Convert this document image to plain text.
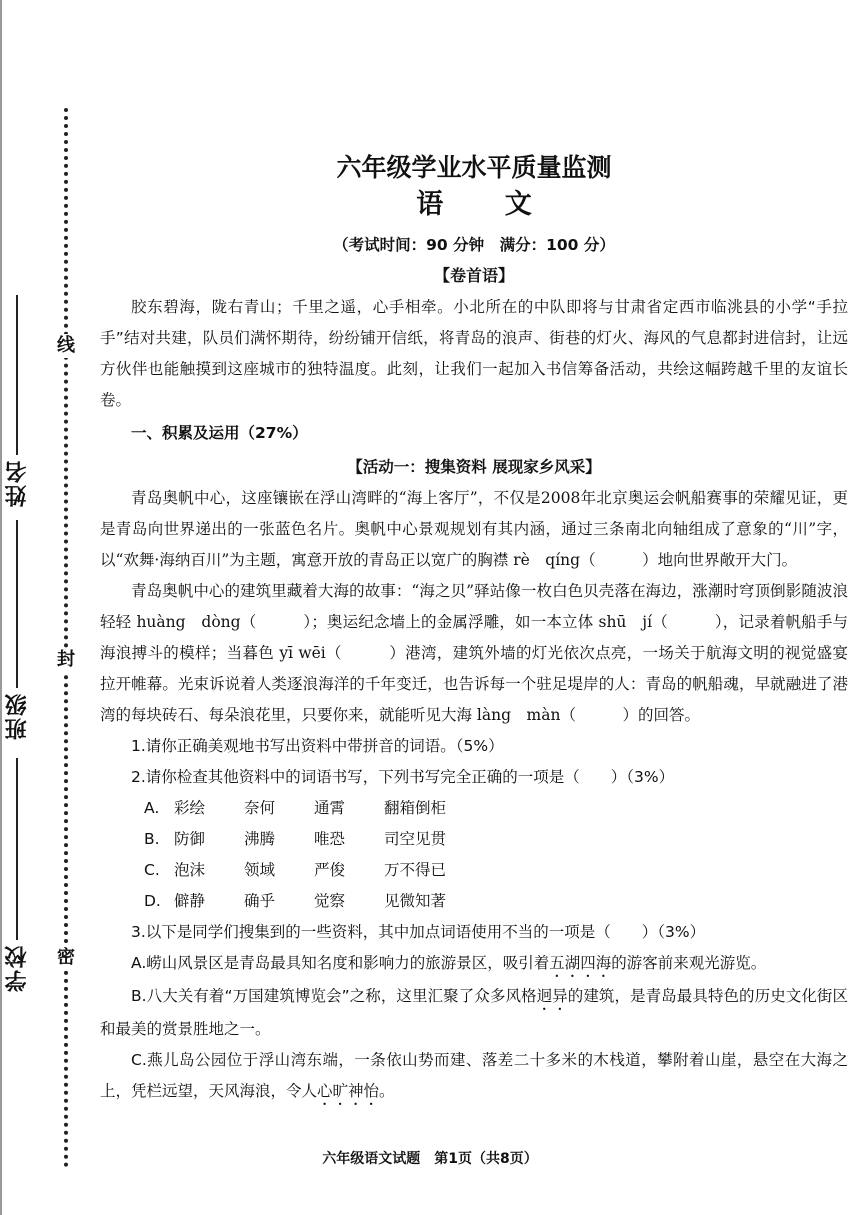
线
封
密
姓名
班级
学校
六年级学业水平质量监测
语 文
（考试时间：90 分钟　满分：100 分）
【卷首语】

胶东碧海，陇右青山；千里之遥，心手相牵。小北所在的中队即将与甘肃省定西市临洮县的小学“手拉手”结对共建，队员们满怀期待，纷纷铺开信纸，将青岛的浪声、街巷的灯火、海风的气息都封进信封，让远方伙伴也能触摸到这座城市的独特温度。此刻，让我们一起加入书信筹备活动，共绘这幅跨越千里的友谊长卷。

一、积累及运用（27%）
【活动一：搜集资料 展现家乡风采】

青岛奥帆中心，这座镶嵌在浮山湾畔的“海上客厅”，不仅是2008年北京奥运会帆船赛事的荣耀见证，更是青岛向世界递出的一张蓝色名片。奥帆中心景观规划有其内涵，通过三条南北向轴组成了意象的“川”字，以“欢舞·海纳百川”为主题，寓意开放的青岛正以宽广的胸襟 rè　qíng（　　　）地向世界敞开大门。

青岛奥帆中心的建筑里藏着大海的故事：“海之贝”驿站像一枚白色贝壳落在海边，涨潮时穹顶倒影随波浪轻轻 huàng　dòng（　　　）；奥运纪念墙上的金属浮雕，如一本立体 shū　jí（　　　），记录着帆船手与海浪搏斗的模样；当暮色 yī wēi（　　　）港湾，建筑外墙的灯光依次点亮，一场关于航海文明的视觉盛宴拉开帷幕。光束诉说着人类逐浪海洋的千年变迁，也告诉每一个驻足堤岸的人：青岛的帆船魂，早就融进了港湾的每块砖石、每朵浪花里，只要你来，就能听见大海 làng　màn（　　　）的回答。

1.请你正确美观地书写出资料中带拼音的词语。（5%）

2.请你检查其他资料中的词语书写，下列书写完全正确的一项是（　　）（3%）

A. 彩绘	奈何	通霄	翻箱倒柜
B. 防御	沸腾	唯恐	司空见贯
C. 泡沫	领域	严俊	万不得已
D. 僻静	确乎	觉察	见微知著

3.以下是同学们搜集到的一些资料，其中加点词语使用不当的一项是（　　）（3%）

A.崂山风景区是青岛最具知名度和影响力的旅游景区，吸引着五湖四海的游客前来观光游览。

B.八大关有着“万国建筑博览会”之称，这里汇聚了众多风格迥异的建筑，是青岛最具特色的历史文化街区和最美的赏景胜地之一。

C.燕儿岛公园位于浮山湾东端，一条依山势而建、落差二十多米的木栈道，攀附着山崖，悬空在大海之上，凭栏远望，天风海浪，令人心旷神怡。

六年级语文试题　第1页（共8页）
